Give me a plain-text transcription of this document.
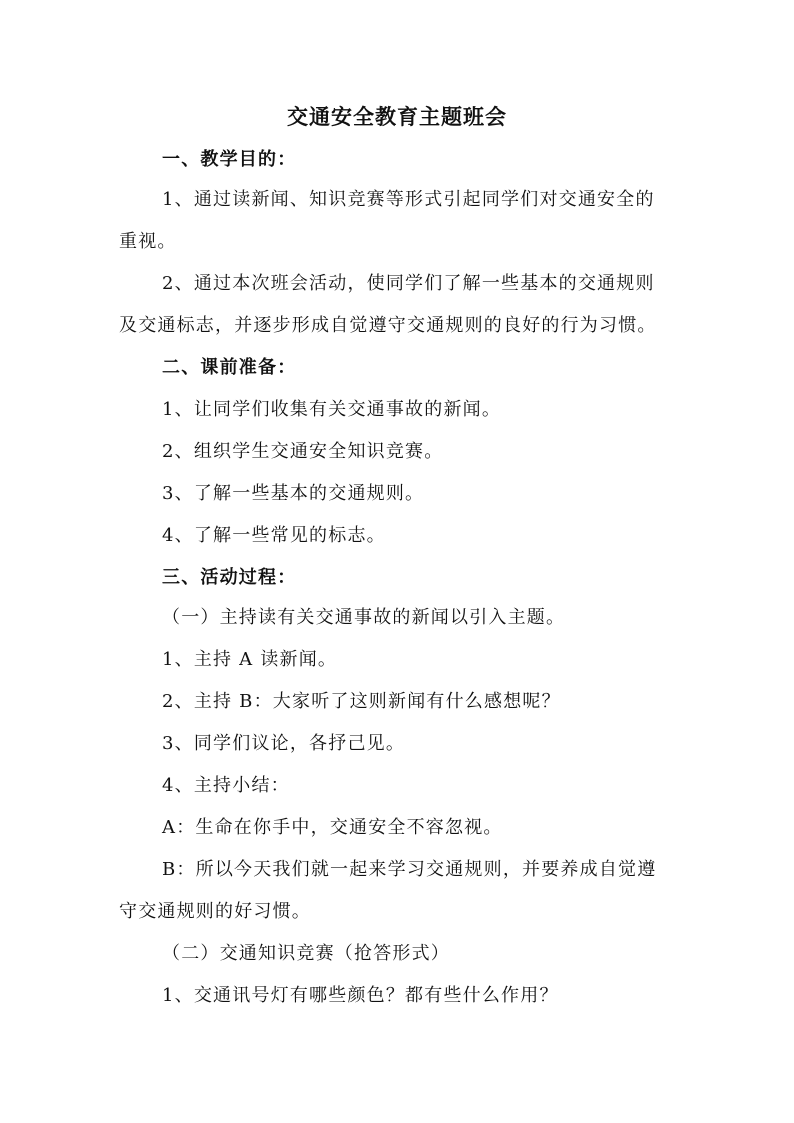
交通安全教育主题班会
一、教学目的：
1、通过读新闻、知识竞赛等形式引起同学们对交通安全的
重视。
2、通过本次班会活动，使同学们了解一些基本的交通规则
及交通标志，并逐步形成自觉遵守交通规则的良好的行为习惯。
二、课前准备：
1、让同学们收集有关交通事故的新闻。
2、组织学生交通安全知识竞赛。
3、了解一些基本的交通规则。
4、了解一些常见的标志。
三、活动过程：
（一）主持读有关交通事故的新闻以引入主题。
1、主持 A 读新闻。
2、主持 B：大家听了这则新闻有什么感想呢？
3、同学们议论，各抒己见。
4、主持小结：
A：生命在你手中，交通安全不容忽视。
B：所以今天我们就一起来学习交通规则，并要养成自觉遵
守交通规则的好习惯。
（二）交通知识竞赛（抢答形式）
1、交通讯号灯有哪些颜色？都有些什么作用？
